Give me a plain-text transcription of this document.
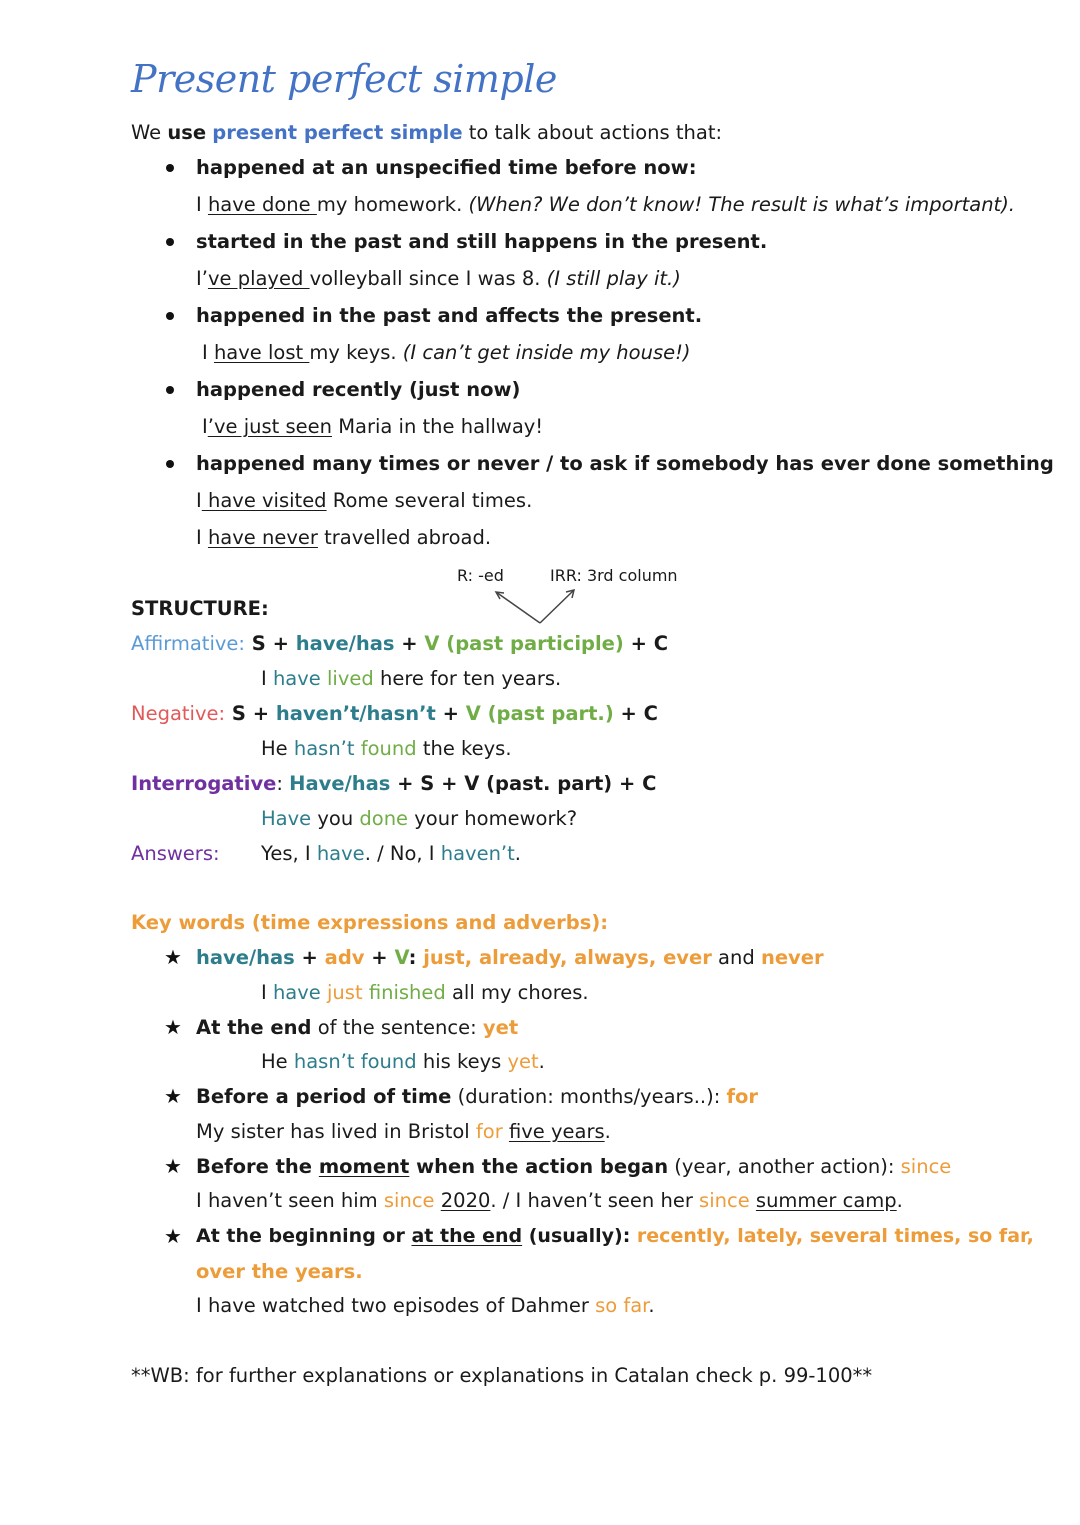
Present perfect simple
We use present perfect simple to talk about actions that:
happened at an unspecified time before now:
I have done my homework. (When? We don’t know! The result is what’s important).
started in the past and still happens in the present.
I’ve played volleyball since I was 8. (I still play it.)
happened in the past and affects the present.
I have lost my keys. (I can’t get inside my house!)
happened recently (just now)
I’ve just seen Maria in the hallway!
happened many times or never / to ask if somebody has ever done something
I have visited Rome several times.
I have never travelled abroad.
R: -ed	IRR: 3rd column
STRUCTURE:
Affirmative: S + have/has + V (past participle) + C
I have lived here for ten years.
Negative: S + haven’t/hasn’t + V (past part.) + C
He hasn’t found the keys.
Interrogative: Have/has + S + V (past. part) + C
Have you done your homework?
Answers: Yes, I have. / No, I haven’t.
Key words (time expressions and adverbs):
★ have/has + adv + V: just, already, always, ever and never
I have just finished all my chores.
★ At the end of the sentence: yet
He hasn’t found his keys yet.
★ Before a period of time (duration: months/years..): for
My sister has lived in Bristol for five years.
★ Before the moment when the action began (year, another action): since
I haven’t seen him since 2020. / I haven’t seen her since summer camp.
★ At the beginning or at the end (usually): recently, lately, several times, so far,
over the years.
I have watched two episodes of Dahmer so far.
**WB: for further explanations or explanations in Catalan check p. 99-100**
